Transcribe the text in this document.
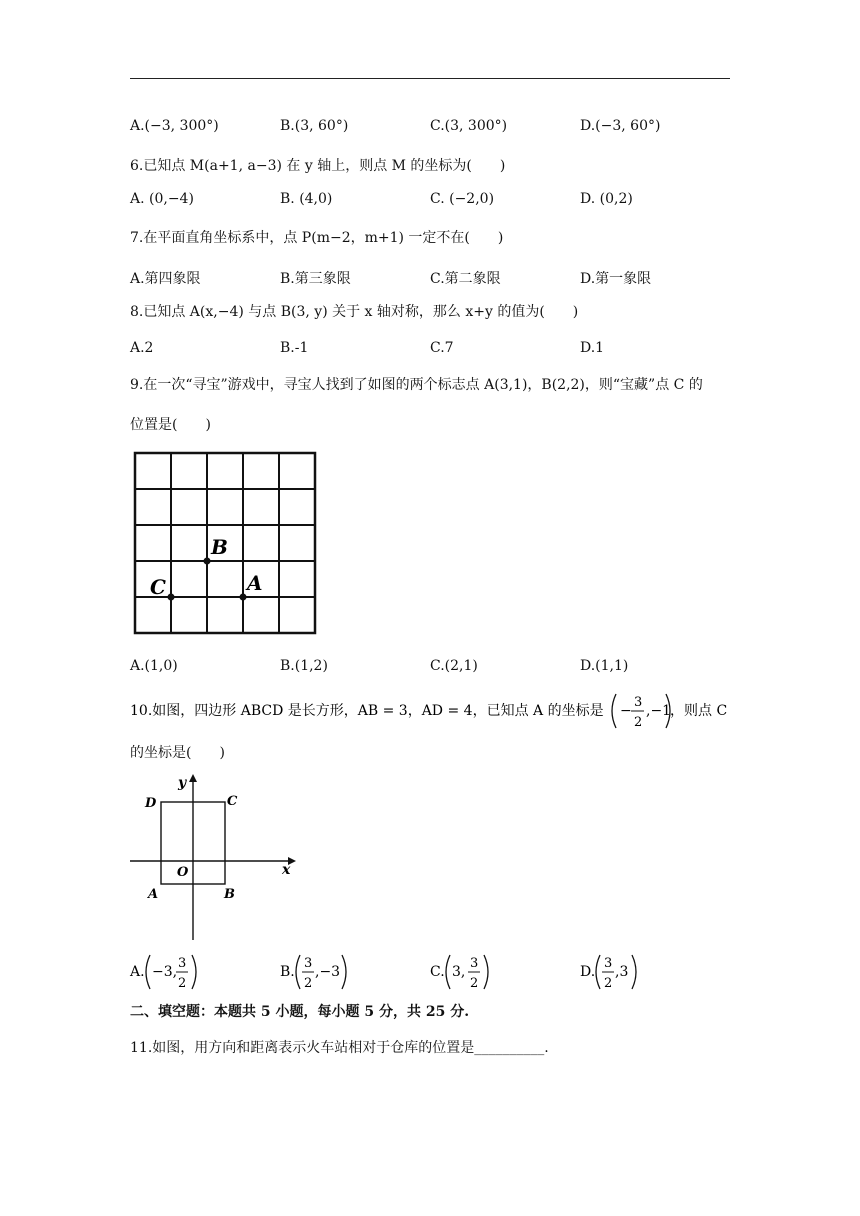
A.(−3, 300°)	B.(3, 60°)	C.(3, 300°)	D.(−3, 60°)
6.已知点 M(a+1, a−3) 在 y 轴上，则点 M 的坐标为(　　)
A. (0,−4)	B. (4,0)	C. (−2,0)	D. (0,2)
7.在平面直角坐标系中，点 P(m−2，m+1) 一定不在(　　)
A.第四象限	B.第三象限	C.第二象限	D.第一象限
8.已知点 A(x,−4) 与点 B(3, y) 关于 x 轴对称，那么 x+y 的值为(　　)
A.2	B.-1	C.7	D.1
9.在一次“寻宝”游戏中，寻宝人找到了如图的两个标志点 A(3,1)，B(2,2)，则“宝藏”点 C 的
位置是(　　)
B
A
C
A.(1,0)	B.(1,2)	C.(2,1)	D.(1,1)
10.如图，四边形 ABCD 是长方形，AB = 3，AD = 4，已知点 A 的坐标是 −
3
2
,−1
，则点 C
的坐标是(　　)
x
y
D	C
O
A	B
A. −3,
3
2
B.
3
2
,−3	C. 3,
3
2
D.
3
2
,3
二、填空题：本题共 5 小题，每小题 5 分，共 25 分.
11.如图，用方向和距离表示火车站相对于仓库的位置是__________.
